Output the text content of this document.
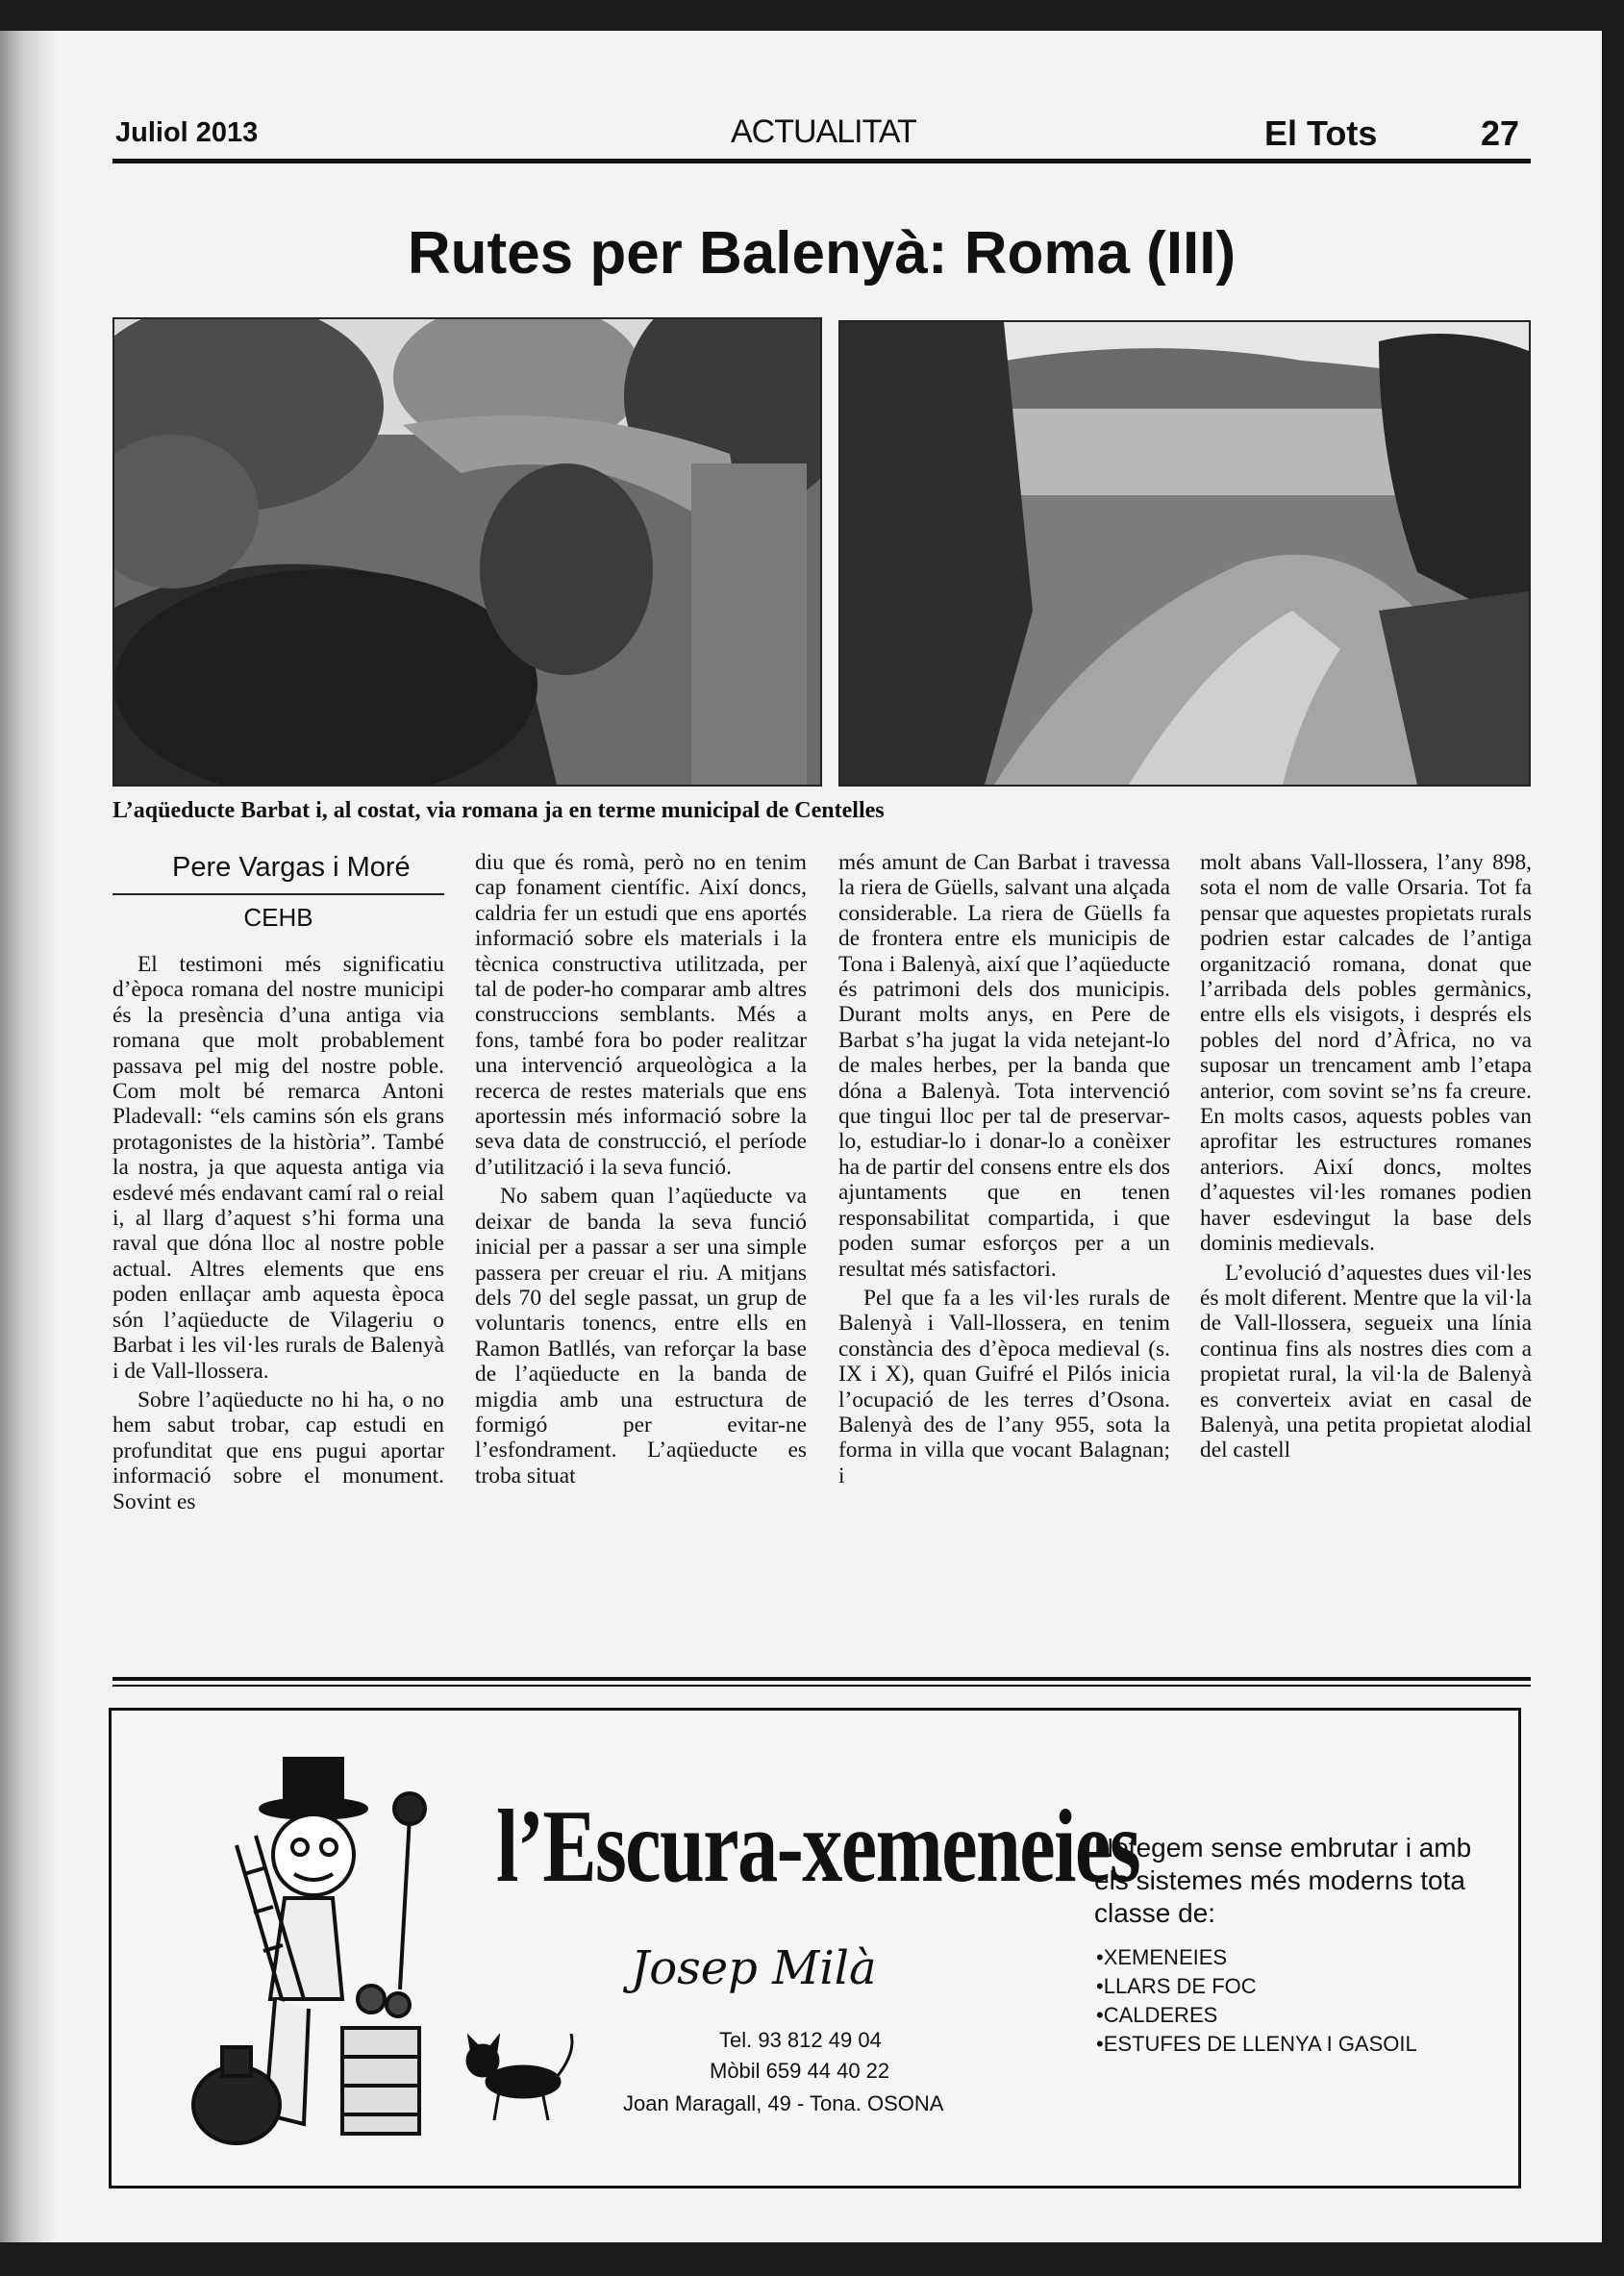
Juliol 2013	ACTUALITAT	El Tots	27
Rutes per Balenyà: Roma (III)
L’aqüeducte Barbat i, al costat, via romana ja en terme municipal de Centelles
Pere Vargas i Moré
CEHB

El testimoni més significatiu d’època romana del nostre municipi és la presència d’una antiga via romana que molt probablement passava pel mig del nostre poble. Com molt bé remarca Antoni Pladevall: “els camins són els grans protagonistes de la història”. També la nostra, ja que aquesta antiga via esdevé més endavant camí ral o reial i, al llarg d’aquest s’hi forma una raval que dóna lloc al nostre poble actual. Altres elements que ens poden enllaçar amb aquesta època són l’aqüeducte de Vilageriu o Barbat i les vil·les rurals de Balenyà i de Vall-llossera.

Sobre l’aqüeducte no hi ha, o no hem sabut trobar, cap estudi en profunditat que ens pugui aportar informació sobre el monument. Sovint es

diu que és romà, però no en tenim cap fonament científic. Així doncs, caldria fer un estudi que ens aportés informació sobre els materials i la tècnica constructiva utilitzada, per tal de poder-ho comparar amb altres construccions semblants. Més a fons, també fora bo poder realitzar una intervenció arqueològica a la recerca de restes materials que ens aportessin més informació sobre la seva data de construcció, el període d’utilització i la seva funció.

No sabem quan l’aqüeducte va deixar de banda la seva funció inicial per a passar a ser una simple passera per creuar el riu. A mitjans dels 70 del segle passat, un grup de voluntaris tonencs, entre ells en Ramon Batllés, van reforçar la base de l’aqüeducte en la banda de migdia amb una estructura de formigó per evitar-ne l’esfondrament. L’aqüeducte es troba situat

més amunt de Can Barbat i travessa la riera de Güells, salvant una alçada considerable. La riera de Güells fa de frontera entre els municipis de Tona i Balenyà, així que l’aqüeducte és patrimoni dels dos municipis. Durant molts anys, en Pere de Barbat s’ha jugat la vida netejant-lo de males herbes, per la banda que dóna a Balenyà. Tota intervenció que tingui lloc per tal de preservar-lo, estudiar-lo i donar-lo a conèixer ha de partir del consens entre els dos ajuntaments que en tenen responsabilitat compartida, i que poden sumar esforços per a un resultat més satisfactori.

Pel que fa a les vil·les rurals de Balenyà i Vall-llossera, en tenim constància des d’època medieval (s. IX i X), quan Guifré el Pilós inicia l’ocupació de les terres d’Osona. Balenyà des de l’any 955, sota la forma in villa que vocant Balagnan; i

molt abans Vall-llossera, l’any 898, sota el nom de valle Orsaria. Tot fa pensar que aquestes propietats rurals podrien estar calcades de l’antiga organització romana, donat que l’arribada dels pobles germànics, entre ells els visigots, i després els pobles del nord d’Àfrica, no va suposar un trencament amb l’etapa anterior, com sovint se’ns fa creure. En molts casos, aquests pobles van aprofitar les estructures romanes anteriors. Així doncs, moltes d’aquestes vil·les romanes podien haver esdevingut la base dels dominis medievals.

L’evolució d’aquestes dues vil·les és molt diferent. Mentre que la vil·la de Vall-llossera, segueix una línia continua fins als nostres dies com a propietat rural, la vil·la de Balenyà es converteix aviat en casal de Balenyà, una petita propietat alodial del castell

l’Escura-xemeneies
Josep Milà
Tel. 93 812 49 04
Mòbil 659 44 40 22
Joan Maragall, 49 - Tona. OSONA
Netegem sense embrutar i amb els sistemes més moderns tota classe de:
• XEMENEIES
• LLARS DE FOC
• CALDERES
• ESTUFES DE LLENYA I GASOIL
